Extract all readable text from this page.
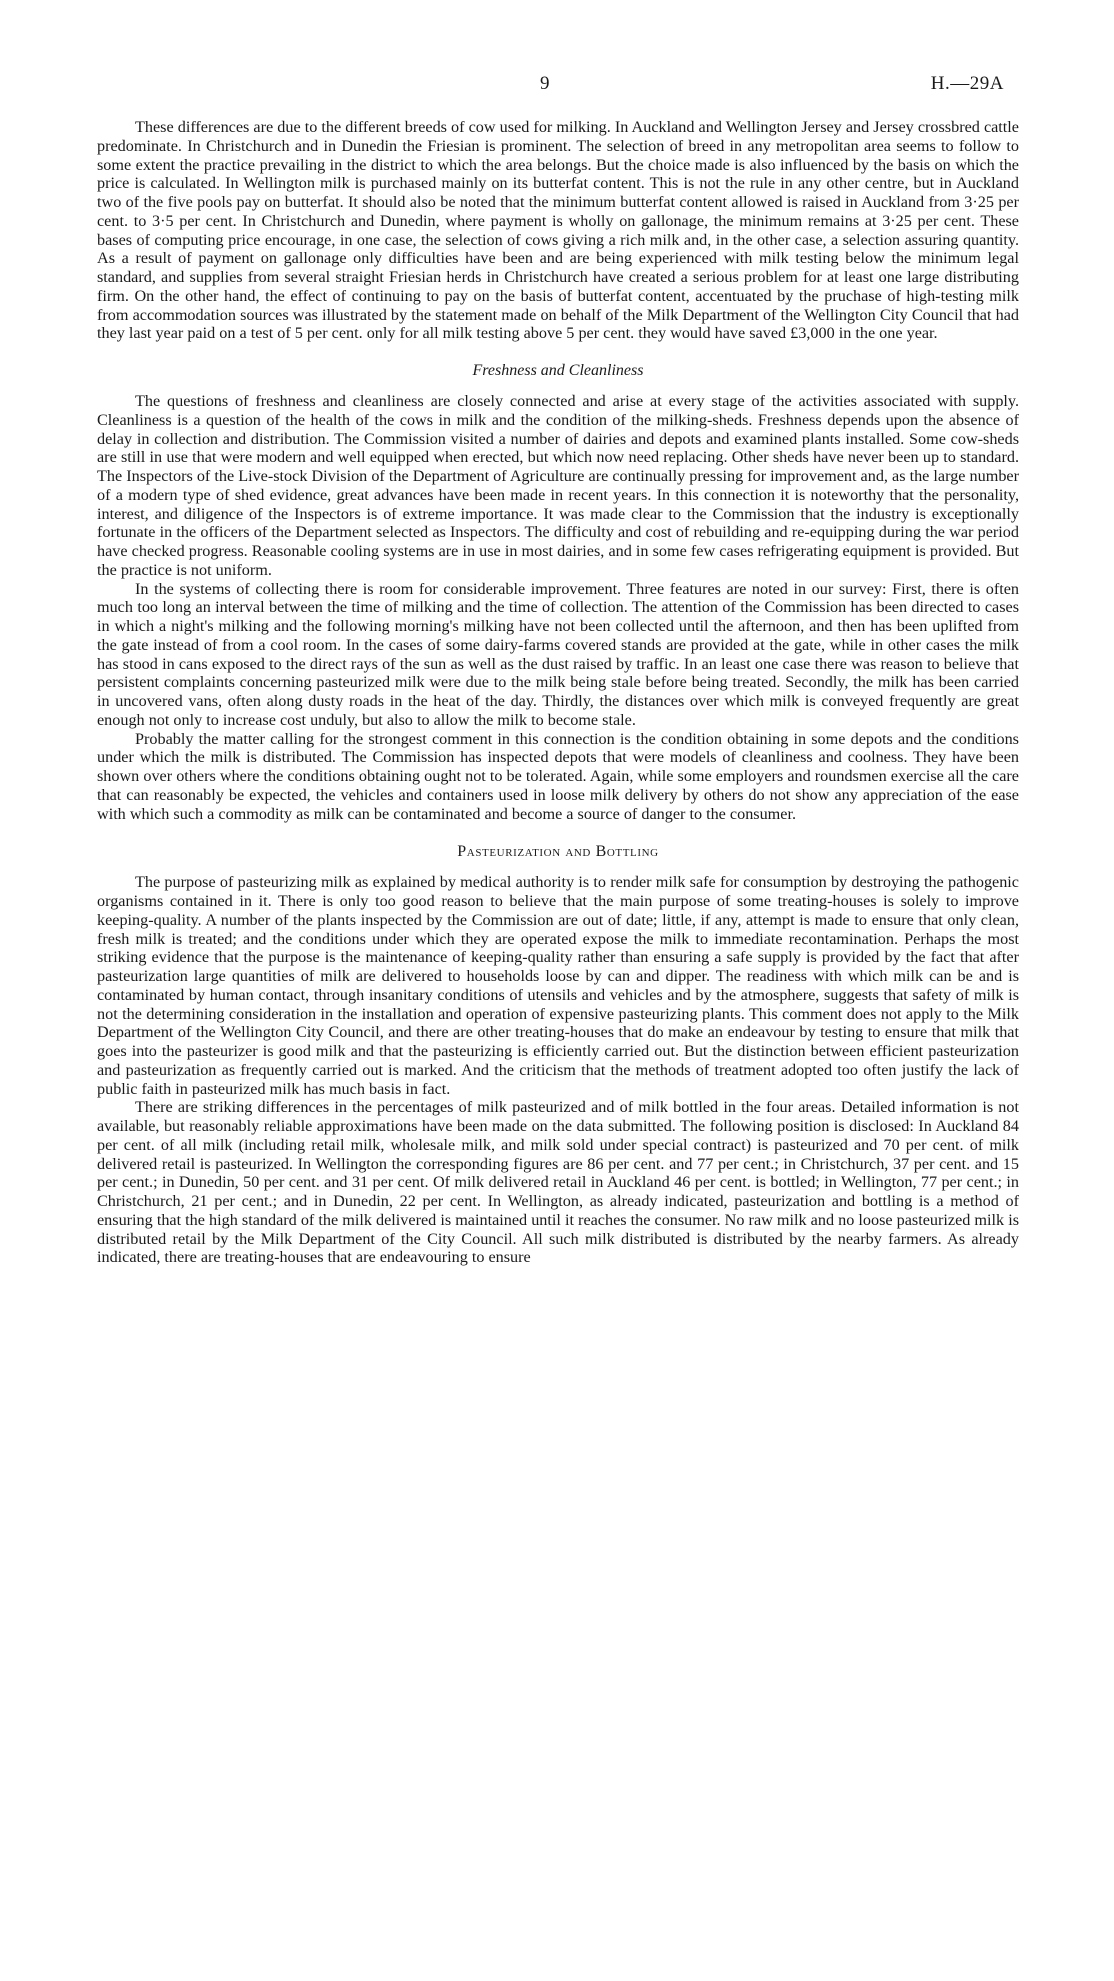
9	H.—29A

These differences are due to the different breeds of cow used for milking. In Auckland and Wellington Jersey and Jersey crossbred cattle predominate. In Christchurch and in Dunedin the Friesian is prominent. The selection of breed in any metropolitan area seems to follow to some extent the practice prevailing in the district to which the area belongs. But the choice made is also influenced by the basis on which the price is calculated. In Wellington milk is purchased mainly on its butterfat content. This is not the rule in any other centre, but in Auckland two of the five pools pay on butterfat. It should also be noted that the minimum butterfat content allowed is raised in Auckland from 3·25 per cent. to 3·5 per cent. In Christchurch and Dunedin, where payment is wholly on gallonage, the minimum remains at 3·25 per cent. These bases of computing price encourage, in one case, the selection of cows giving a rich milk and, in the other case, a selection assuring quantity. As a result of payment on gallonage only difficulties have been and are being experienced with milk testing below the minimum legal standard, and supplies from several straight Friesian herds in Christchurch have created a serious problem for at least one large distributing firm. On the other hand, the effect of continuing to pay on the basis of butterfat content, accentuated by the pruchase of high-testing milk from accommodation sources was illustrated by the statement made on behalf of the Milk Department of the Wellington City Council that had they last year paid on a test of 5 per cent. only for all milk testing above 5 per cent. they would have saved £3,000 in the one year.

Freshness and Cleanliness

The questions of freshness and cleanliness are closely connected and arise at every stage of the activities associated with supply. Cleanliness is a question of the health of the cows in milk and the condition of the milking-sheds. Freshness depends upon the absence of delay in collection and distribution. The Commission visited a number of dairies and depots and examined plants installed. Some cow-sheds are still in use that were modern and well equipped when erected, but which now need replacing. Other sheds have never been up to standard. The Inspectors of the Live-stock Division of the Department of Agriculture are continually pressing for improvement and, as the large number of a modern type of shed evidence, great advances have been made in recent years. In this connection it is noteworthy that the personality, interest, and diligence of the Inspectors is of extreme importance. It was made clear to the Commission that the industry is exceptionally fortunate in the officers of the Department selected as Inspectors. The difficulty and cost of rebuilding and re-equipping during the war period have checked progress. Reasonable cooling systems are in use in most dairies, and in some few cases refrigerating equipment is provided. But the practice is not uniform.

In the systems of collecting there is room for considerable improvement. Three features are noted in our survey: First, there is often much too long an interval between the time of milking and the time of collection. The attention of the Commission has been directed to cases in which a night's milking and the following morning's milking have not been collected until the afternoon, and then has been uplifted from the gate instead of from a cool room. In the cases of some dairy-farms covered stands are provided at the gate, while in other cases the milk has stood in cans exposed to the direct rays of the sun as well as the dust raised by traffic. In an least one case there was reason to believe that persistent complaints concerning pasteurized milk were due to the milk being stale before being treated. Secondly, the milk has been carried in uncovered vans, often along dusty roads in the heat of the day. Thirdly, the distances over which milk is conveyed frequently are great enough not only to increase cost unduly, but also to allow the milk to become stale.

Probably the matter calling for the strongest comment in this connection is the condition obtaining in some depots and the conditions under which the milk is distributed. The Commission has inspected depots that were models of cleanliness and coolness. They have been shown over others where the conditions obtaining ought not to be tolerated. Again, while some employers and roundsmen exercise all the care that can reasonably be expected, the vehicles and containers used in loose milk delivery by others do not show any appreciation of the ease with which such a commodity as milk can be contaminated and become a source of danger to the consumer.

Pasteurization and Bottling

The purpose of pasteurizing milk as explained by medical authority is to render milk safe for consumption by destroying the pathogenic organisms contained in it. There is only too good reason to believe that the main purpose of some treating-houses is solely to improve keeping-quality. A number of the plants inspected by the Commission are out of date; little, if any, attempt is made to ensure that only clean, fresh milk is treated; and the conditions under which they are operated expose the milk to immediate recontamination. Perhaps the most striking evidence that the purpose is the maintenance of keeping-quality rather than ensuring a safe supply is provided by the fact that after pasteurization large quantities of milk are delivered to households loose by can and dipper. The readiness with which milk can be and is contaminated by human contact, through insanitary conditions of utensils and vehicles and by the atmosphere, suggests that safety of milk is not the determining consideration in the installation and operation of expensive pasteurizing plants. This comment does not apply to the Milk Department of the Wellington City Council, and there are other treating-houses that do make an endeavour by testing to ensure that milk that goes into the pasteurizer is good milk and that the pasteurizing is efficiently carried out. But the distinction between efficient pasteurization and pasteurization as frequently carried out is marked. And the criticism that the methods of treatment adopted too often justify the lack of public faith in pasteurized milk has much basis in fact.

There are striking differences in the percentages of milk pasteurized and of milk bottled in the four areas. Detailed information is not available, but reasonably reliable approximations have been made on the data submitted. The following position is disclosed: In Auckland 84 per cent. of all milk (including retail milk, wholesale milk, and milk sold under special contract) is pasteurized and 70 per cent. of milk delivered retail is pasteurized. In Wellington the corresponding figures are 86 per cent. and 77 per cent.; in Christchurch, 37 per cent. and 15 per cent.; in Dunedin, 50 per cent. and 31 per cent. Of milk delivered retail in Auckland 46 per cent. is bottled; in Wellington, 77 per cent.; in Christchurch, 21 per cent.; and in Dunedin, 22 per cent. In Wellington, as already indicated, pasteurization and bottling is a method of ensuring that the high standard of the milk delivered is maintained until it reaches the consumer. No raw milk and no loose pasteurized milk is distributed retail by the Milk Department of the City Council. All such milk distributed is distributed by the nearby farmers. As already indicated, there are treating-houses that are endeavouring to ensure
